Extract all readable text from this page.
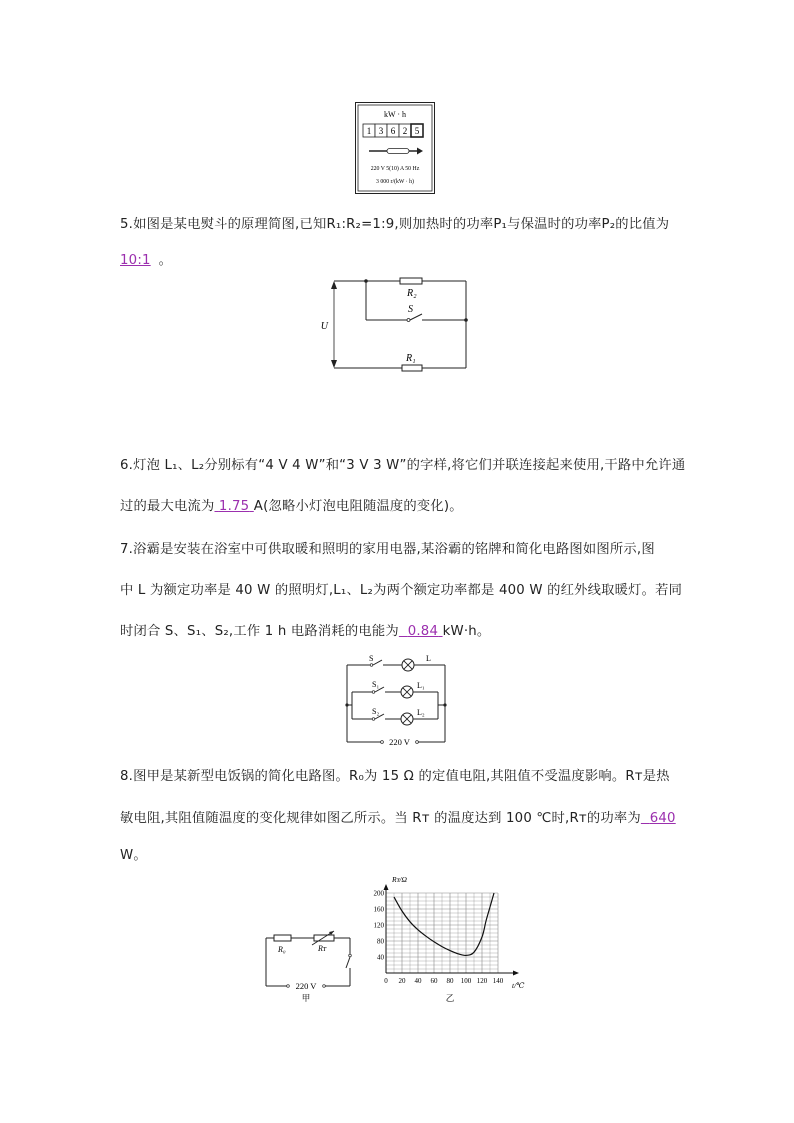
kW · h
1 3 6 2 5
220 V 5(10) A 50 Hz
3 000 r/(kW · h)
5.如图是某电熨斗的原理简图,已知R₁:R₂=1:9,则加热时的功率P₁与保温时的功率P₂的比值为
10:1 。
R₂
S
R₁
U
6.灯泡 L₁、L₂分别标有“4 V 4 W”和“3 V 3 W”的字样,将它们并联连接起来使用,干路中允许通
过的最大电流为 1.75 A(忽略小灯泡电阻随温度的变化)。
7.浴霸是安装在浴室中可供取暖和照明的家用电器,某浴霸的铭牌和简化电路图如图所示,图
中 L 为额定功率是 40 W 的照明灯,L₁、L₂为两个额定功率都是 400 W 的红外线取暖灯。若同
时闭合 S、S₁、S₂,工作 1 h 电路消耗的电能为 0.84 kW·h。
S	L
S₁	L₁
S₂	L₂
220 V
8.图甲是某新型电饭锅的简化电路图。R₀为 15 Ω 的定值电阻,其阻值不受温度影响。Rᴛ是热
敏电阻,其阻值随温度的变化规律如图乙所示。当 Rᴛ 的温度达到 100 ℃时,Rᴛ的功率为 640
W。
R₀	Rᴛ
220 V
甲
0 20 40 60 80 100 120 140
40
80
120
160
200
Rᴛ/Ω
t/℃
乙
